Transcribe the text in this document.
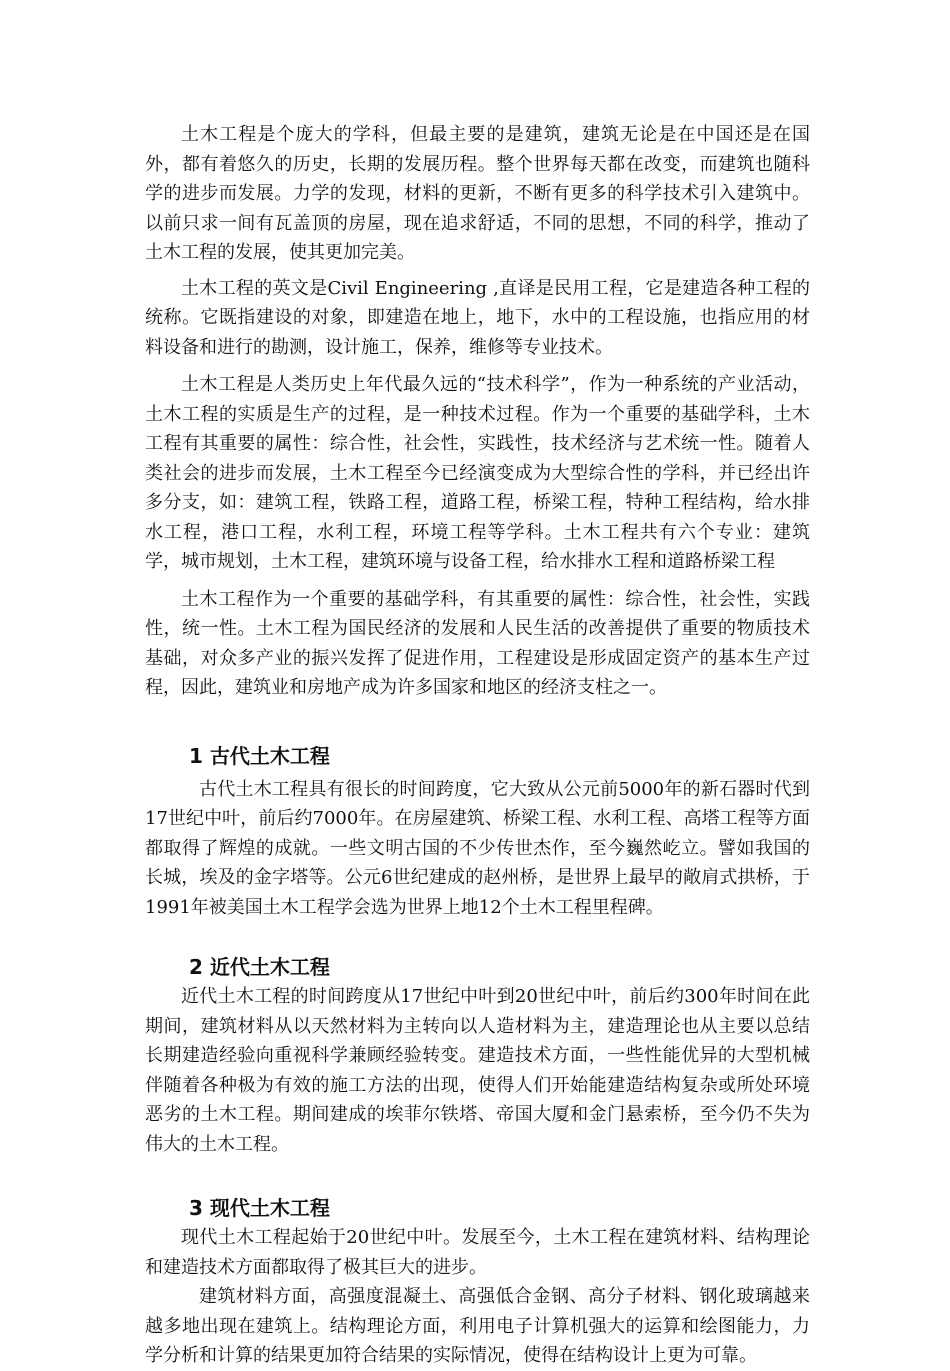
土木工程是个庞大的学科，但最主要的是建筑，建筑无论是在中国还是在国外，都有着悠久的历史，长期的发展历程。整个世界每天都在改变，而建筑也随科学的进步而发展。力学的发现，材料的更新，不断有更多的科学技术引入建筑中。以前只求一间有瓦盖顶的房屋，现在追求舒适，不同的思想，不同的科学，推动了土木工程的发展，使其更加完美。

土木工程的英文是Civil Engineering ,直译是民用工程，它是建造各种工程的统称。它既指建设的对象，即建造在地上，地下，水中的工程设施，也指应用的材料设备和进行的勘测，设计施工，保养，维修等专业技术。

土木工程是人类历史上年代最久远的“技术科学”，作为一种系统的产业活动，土木工程的实质是生产的过程，是一种技术过程。作为一个重要的基础学科，土木工程有其重要的属性：综合性，社会性，实践性，技术经济与艺术统一性。随着人类社会的进步而发展，土木工程至今已经演变成为大型综合性的学科，并已经出许多分支，如：建筑工程，铁路工程，道路工程，桥梁工程，特种工程结构，给水排水工程，港口工程，水利工程，环境工程等学科。土木工程共有六个专业：建筑学，城市规划，土木工程，建筑环境与设备工程，给水排水工程和道路桥梁工程

土木工程作为一个重要的基础学科，有其重要的属性：综合性，社会性，实践性，统一性。土木工程为国民经济的发展和人民生活的改善提供了重要的物质技术基础，对众多产业的振兴发挥了促进作用，工程建设是形成固定资产的基本生产过程，因此，建筑业和房地产成为许多国家和地区的经济支柱之一。

1 古代土木工程

古代土木工程具有很长的时间跨度，它大致从公元前5000年的新石器时代到17世纪中叶，前后约7000年。在房屋建筑、桥梁工程、水利工程、高塔工程等方面都取得了辉煌的成就。一些文明古国的不少传世杰作，至今巍然屹立。譬如我国的长城，埃及的金字塔等。公元6世纪建成的赵州桥，是世界上最早的敞肩式拱桥，于1991年被美国土木工程学会选为世界上地12个土木工程里程碑。

2 近代土木工程

近代土木工程的时间跨度从17世纪中叶到20世纪中叶，前后约300年时间在此期间，建筑材料从以天然材料为主转向以人造材料为主，建造理论也从主要以总结长期建造经验向重视科学兼顾经验转变。建造技术方面，一些性能优异的大型机械伴随着各种极为有效的施工方法的出现，使得人们开始能建造结构复杂或所处环境恶劣的土木工程。期间建成的埃菲尔铁塔、帝国大厦和金门悬索桥，至今仍不失为伟大的土木工程。

3 现代土木工程

现代土木工程起始于20世纪中叶。发展至今，土木工程在建筑材料、结构理论和建造技术方面都取得了极其巨大的进步。

建筑材料方面，高强度混凝土、高强低合金钢、高分子材料、钢化玻璃越来越多地出现在建筑上。结构理论方面，利用电子计算机强大的运算和绘图能力，力学分析和计算的结果更加符合结果的实际情况，使得在结构设计上更为可靠。
